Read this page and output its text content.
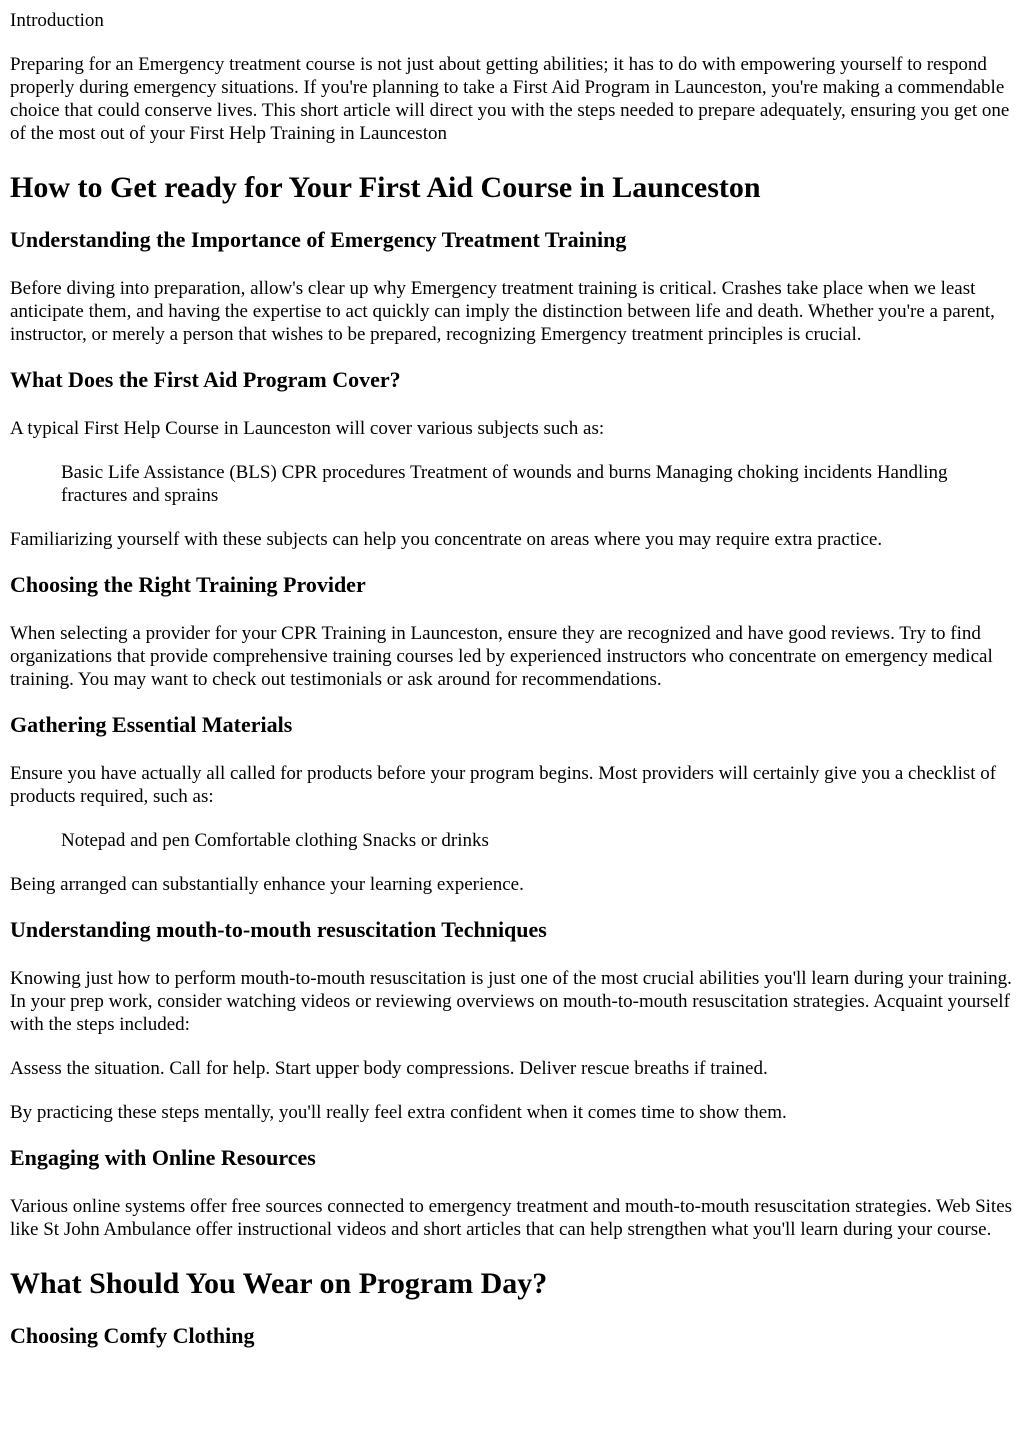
Introduction

Preparing for an Emergency treatment course is not just about getting abilities; it has to do with empowering yourself to respond properly during emergency situations. If you're planning to take a First Aid Program in Launceston, you're making a commendable choice that could conserve lives. This short article will direct you with the steps needed to prepare adequately, ensuring you get one of the most out of your First Help Training in Launceston

How to Get ready for Your First Aid Course in Launceston
Understanding the Importance of Emergency Treatment Training

Before diving into preparation, allow's clear up why Emergency treatment training is critical. Crashes take place when we least anticipate them, and having the expertise to act quickly can imply the distinction between life and death. Whether you're a parent, instructor, or merely a person that wishes to be prepared, recognizing Emergency treatment principles is crucial.

What Does the First Aid Program Cover?

A typical First Help Course in Launceston will cover various subjects such as:

Basic Life Assistance (BLS) CPR procedures Treatment of wounds and burns Managing choking incidents Handling fractures and sprains

Familiarizing yourself with these subjects can help you concentrate on areas where you may require extra practice.

Choosing the Right Training Provider

When selecting a provider for your CPR Training in Launceston, ensure they are recognized and have good reviews. Try to find organizations that provide comprehensive training courses led by experienced instructors who concentrate on emergency medical training. You may want to check out testimonials or ask around for recommendations.

Gathering Essential Materials

Ensure you have actually all called for products before your program begins. Most providers will certainly give you a checklist of products required, such as:

Notepad and pen Comfortable clothing Snacks or drinks

Being arranged can substantially enhance your learning experience.

Understanding mouth-to-mouth resuscitation Techniques

Knowing just how to perform mouth-to-mouth resuscitation is just one of the most crucial abilities you'll learn during your training. In your prep work, consider watching videos or reviewing overviews on mouth-to-mouth resuscitation strategies. Acquaint yourself with the steps included:

Assess the situation. Call for help. Start upper body compressions. Deliver rescue breaths if trained.

By practicing these steps mentally, you'll really feel extra confident when it comes time to show them.

Engaging with Online Resources

Various online systems offer free sources connected to emergency treatment and mouth-to-mouth resuscitation strategies. Web Sites like St John Ambulance offer instructional videos and short articles that can help strengthen what you'll learn during your course.

What Should You Wear on Program Day?
Choosing Comfy Clothing
